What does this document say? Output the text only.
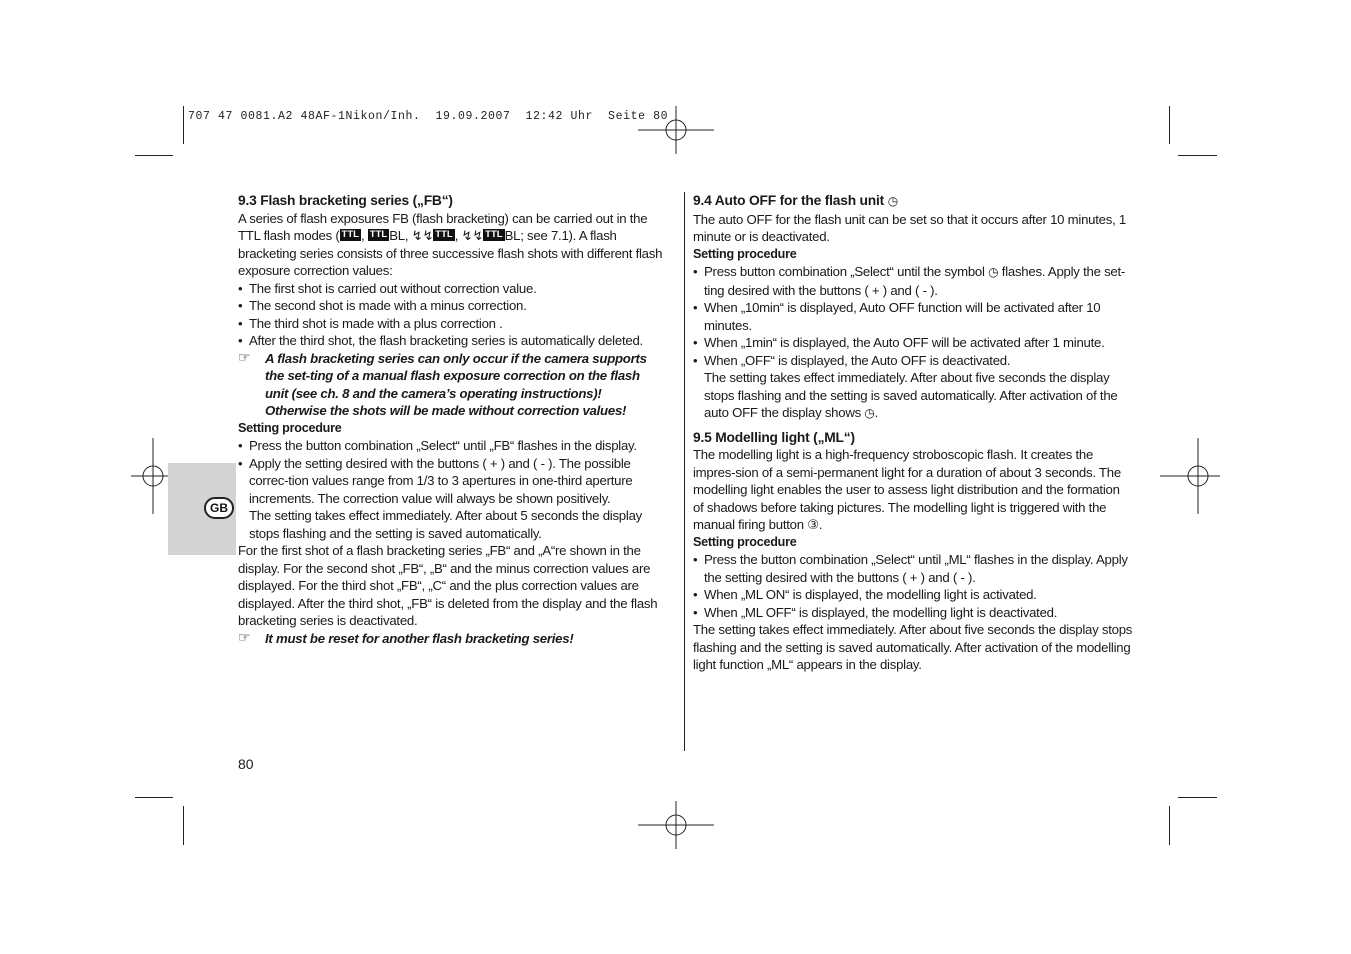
707 47 0081.A2 48AF-1Nikon/Inh.  19.09.2007  12:42 Uhr  Seite 80
GB

9.3 Flash bracketing series („FB“)

A series of flash exposures FB (flash bracketing) can be carried out in the TTL flash modes ( TTL , TTL BL, ↯↯ TTL , ↯↯ TTL BL; see 7.1). A flash bracketing series consists of three successive flash shots with different flash exposure correction values:

• The first shot is carried out without correction value.

• The second shot is made with a minus correction.

• The third shot is made with a plus correction .

• After the third shot, the flash bracketing series is automatically deleted.

☞ A flash bracketing series can only occur if the camera supports the set-ting of a manual flash exposure correction on the flash unit (see ch. 8 and the camera’s operating instructions)! Otherwise the shots will be made without correction values!

Setting procedure

• Press the button combination „Select“ until „FB“ flashes in the display.

• Apply the setting desired with the buttons ( + ) and ( - ). The possible correc-tion values range from 1/3 to 3 apertures in one-third aperture increments. The correction value will always be shown positively.
The setting takes effect immediately. After about 5 seconds the display stops flashing and the setting is saved automatically.

For the first shot of a flash bracketing series „FB“ and „A“re shown in the display. For the second shot „FB“, „B“ and the minus correction values are displayed. For the third shot „FB“, „C“ and the plus correction values are displayed. After the third shot, „FB“ is deleted from the display and the flash bracketing series is deactivated.

☞ It must be reset for another flash bracketing series!

9.4 Auto OFF for the flash unit ◷

The auto OFF for the flash unit can be set so that it occurs after 10 minutes, 1 minute or is deactivated.

Setting procedure

• Press button combination „Select“ until the symbol ◷ flashes. Apply the set-ting desired with the buttons ( + ) and ( - ).

• When „10min“ is displayed, Auto OFF function will be activated after 10 minutes.

• When „1min“ is displayed, the Auto OFF will be activated after 1 minute.

• When „OFF“ is displayed, the Auto OFF is deactivated.
The setting takes effect immediately. After about five seconds the display stops flashing and the setting is saved automatically. After activation of the auto OFF the display shows ◷.

9.5 Modelling light („ML“)

The modelling light is a high-frequency stroboscopic flash. It creates the impres-sion of a semi-permanent light for a duration of about 3 seconds. The modelling light enables the user to assess light distribution and the formation of shadows before taking pictures. The modelling light is triggered with the manual firing button ③.

Setting procedure

• Press the button combination „Select“ until „ML“ flashes in the display. Apply the setting desired with the buttons ( + ) and ( - ).

• When „ML ON“ is displayed, the modelling light is activated.

• When „ML OFF“ is displayed, the modelling light is deactivated.

The setting takes effect immediately. After about five seconds the display stops flashing and the setting is saved automatically. After activation of the modelling light function „ML“ appears in the display.

80
